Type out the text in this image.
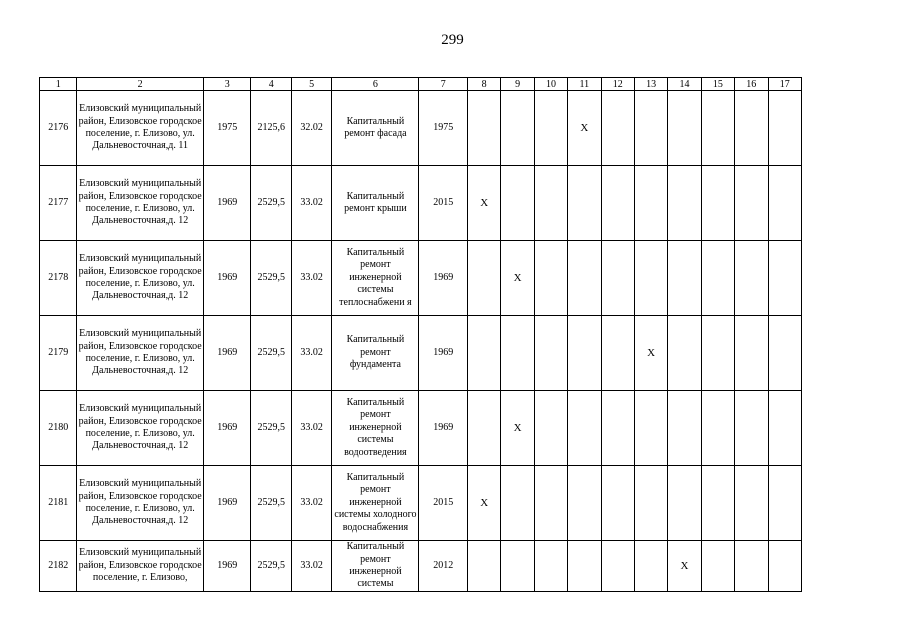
299
1	2	3	4	5	6	7	8	9	10	11	12	13	14	15	16	17
2176	Елизовский муниципальный район, Елизовское городское поселение, г. Елизово, ул. Дальневосточная,д. 11	1975	2125,6	32.02	Капитальный ремонт фасада	1975				X						
2177	Елизовский муниципальный район, Елизовское городское поселение, г. Елизово, ул. Дальневосточная,д. 12	1969	2529,5	33.02	Капитальный ремонт крыши	2015	X									
2178	Елизовский муниципальный район, Елизовское городское поселение, г. Елизово, ул. Дальневосточная,д. 12	1969	2529,5	33.02	Капитальный ремонт инженерной системы теплоснабжени я	1969		X								
2179	Елизовский муниципальный район, Елизовское городское поселение, г. Елизово, ул. Дальневосточная,д. 12	1969	2529,5	33.02	Капитальный ремонт фундамента	1969						X				
2180	Елизовский муниципальный район, Елизовское городское поселение, г. Елизово, ул. Дальневосточная,д. 12	1969	2529,5	33.02	Капитальный ремонт инженерной системы водоотведения	1969		X								
2181	Елизовский муниципальный район, Елизовское городское поселение, г. Елизово, ул. Дальневосточная,д. 12	1969	2529,5	33.02	Капитальный ремонт инженерной системы холодного водоснабжения	2015	X									
2182	Елизовский муниципальный район, Елизовское городское поселение, г. Елизово,	1969	2529,5	33.02	Капитальный ремонт инженерной системы	2012							X			
